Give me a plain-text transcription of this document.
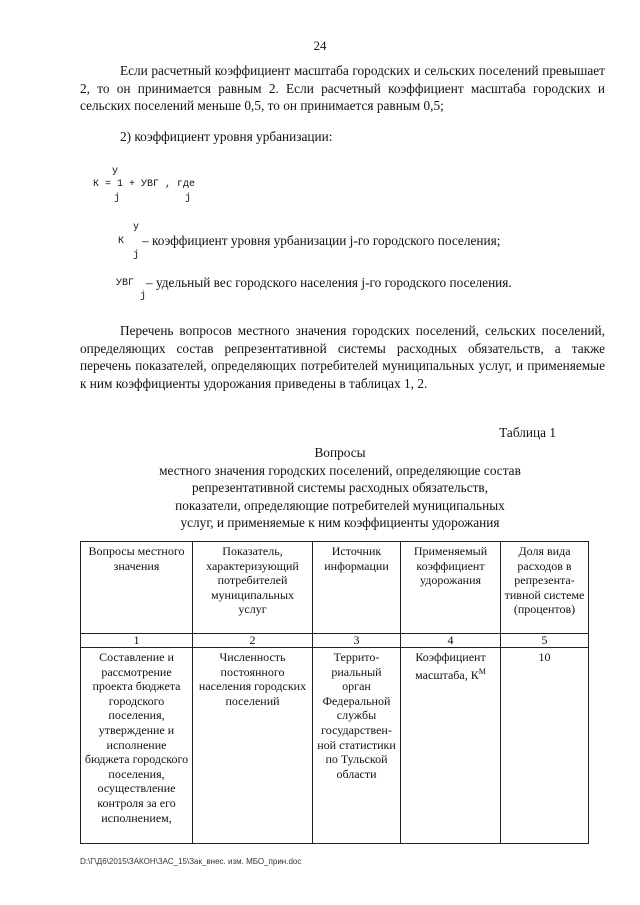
24
Если расчетный коэффициент масштаба городских и сельских поселений превышает 2, то он принимается равным 2. Если расчетный коэффициент масштаба городских и сельских поселений меньше 0,5, то он принимается равным 0,5;
2) коэффициент уровня урбанизации:
у
К = 1 + УВГ , где
j	j
у
К
j
– коэффициент уровня урбанизации j-го городского поселения;
УВГ
j
– удельный вес городского населения j-го городского поселения.
Перечень вопросов местного значения городских поселений, сельских поселений, определяющих состав репрезентативной системы расходных обязательств, а также перечень показателей, определяющих потребителей муниципальных услуг, и применяемые к ним коэффициенты удорожания приведены в таблицах 1, 2.
Таблица 1
Вопросы
местного значения городских поселений, определяющие состав
репрезентативной системы расходных обязательств,
показатели, определяющие потребителей муниципальных
услуг, и применяемые к ним коэффициенты удорожания
Вопросы местного значения	Показатель, характеризующий потребителей муниципальных услуг	Источник информации	Применяемый коэффициент удорожания	Доля вида расходов в репрезента-тивной системе (процентов)
1	2	3	4	5
Составление и рассмотрение проекта бюджета городского поселения, утверждение и исполнение бюджета городского поселения, осуществление контроля за его исполнением,	Численность постоянного населения городских поселений	Террито-риальный орган Федеральной службы государствен-ной статистики по Тульской области	Коэффициент масштаба, $К^М$	10
D:\Г\Д6\2015\ЗАКОН\ЗАС_15\Зак_внес. изм. МБО_прин.doc
